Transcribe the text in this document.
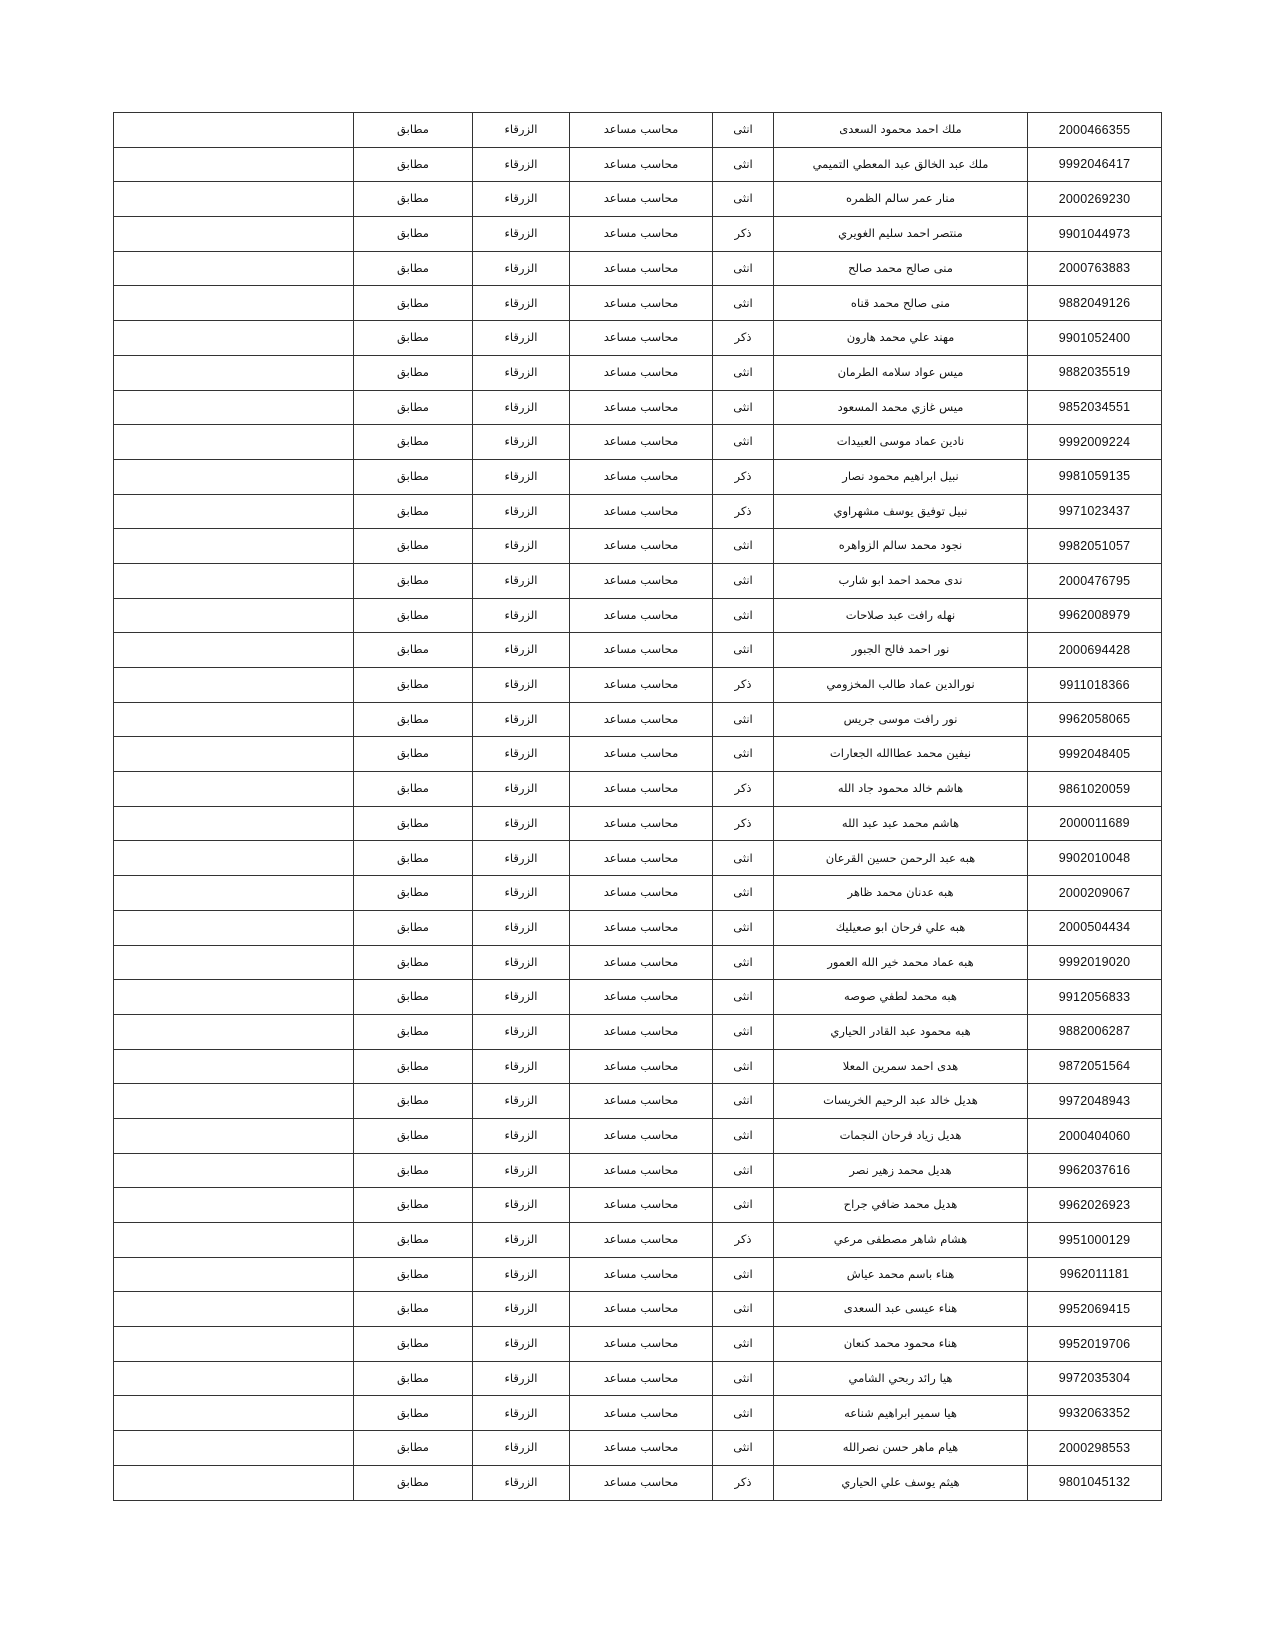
	مطابق	الزرقاء	محاسب مساعد	انثى	ملك احمد محمود السعدى	2000466355
	مطابق	الزرقاء	محاسب مساعد	انثى	ملك عبد الخالق عبد المعطي التميمي	9992046417
	مطابق	الزرقاء	محاسب مساعد	انثى	منار عمر سالم الظمره	2000269230
	مطابق	الزرقاء	محاسب مساعد	ذكر	منتصر احمد سليم الغويري	9901044973
	مطابق	الزرقاء	محاسب مساعد	انثى	منى صالح محمد صالح	2000763883
	مطابق	الزرقاء	محاسب مساعد	انثى	منى صالح محمد قناه	9882049126
	مطابق	الزرقاء	محاسب مساعد	ذكر	مهند علي محمد هارون	9901052400
	مطابق	الزرقاء	محاسب مساعد	انثى	ميس عواد سلامه الطرمان	9882035519
	مطابق	الزرقاء	محاسب مساعد	انثى	ميس غازي محمد المسعود	9852034551
	مطابق	الزرقاء	محاسب مساعد	انثى	نادين عماد موسى العبيدات	9992009224
	مطابق	الزرقاء	محاسب مساعد	ذكر	نبيل ابراهيم محمود نصار	9981059135
	مطابق	الزرقاء	محاسب مساعد	ذكر	نبيل توفيق يوسف مشهراوي	9971023437
	مطابق	الزرقاء	محاسب مساعد	انثى	نجود محمد سالم الزواهره	9982051057
	مطابق	الزرقاء	محاسب مساعد	انثى	ندى محمد احمد ابو شارب	2000476795
	مطابق	الزرقاء	محاسب مساعد	انثى	نهله رافت عبد صلاحات	9962008979
	مطابق	الزرقاء	محاسب مساعد	انثى	نور احمد فالح الجبور	2000694428
	مطابق	الزرقاء	محاسب مساعد	ذكر	نورالدين عماد طالب المخزومي	9911018366
	مطابق	الزرقاء	محاسب مساعد	انثى	نور رافت موسى جريس	9962058065
	مطابق	الزرقاء	محاسب مساعد	انثى	نيفين محمد عطاالله الجعارات	9992048405
	مطابق	الزرقاء	محاسب مساعد	ذكر	هاشم خالد محمود جاد الله	9861020059
	مطابق	الزرقاء	محاسب مساعد	ذكر	هاشم محمد عبد عبد الله	2000011689
	مطابق	الزرقاء	محاسب مساعد	انثى	هبه عبد الرحمن حسين القرعان	9902010048
	مطابق	الزرقاء	محاسب مساعد	انثى	هبه عدنان محمد ظاهر	2000209067
	مطابق	الزرقاء	محاسب مساعد	انثى	هبه علي فرحان ابو صعيليك	2000504434
	مطابق	الزرقاء	محاسب مساعد	انثى	هبه عماد محمد خير الله العمور	9992019020
	مطابق	الزرقاء	محاسب مساعد	انثى	هبه محمد لطفي صوصه	9912056833
	مطابق	الزرقاء	محاسب مساعد	انثى	هبه محمود عبد القادر الحياري	9882006287
	مطابق	الزرقاء	محاسب مساعد	انثى	هدى احمد سمرين المعلا	9872051564
	مطابق	الزرقاء	محاسب مساعد	انثى	هديل خالد عبد الرحيم الخريسات	9972048943
	مطابق	الزرقاء	محاسب مساعد	انثى	هديل زياد فرحان النجمات	2000404060
	مطابق	الزرقاء	محاسب مساعد	انثى	هديل محمد زهير نصر	9962037616
	مطابق	الزرقاء	محاسب مساعد	انثى	هديل محمد ضافي جراح	9962026923
	مطابق	الزرقاء	محاسب مساعد	ذكر	هشام شاهر مصطفى مرعي	9951000129
	مطابق	الزرقاء	محاسب مساعد	انثى	هناء باسم محمد عياش	9962011181
	مطابق	الزرقاء	محاسب مساعد	انثى	هناء عيسى عبد السعدى	9952069415
	مطابق	الزرقاء	محاسب مساعد	انثى	هناء محمود محمد كنعان	9952019706
	مطابق	الزرقاء	محاسب مساعد	انثى	هيا رائد ربحي الشامي	9972035304
	مطابق	الزرقاء	محاسب مساعد	انثى	هيا سمير ابراهيم شناعه	9932063352
	مطابق	الزرقاء	محاسب مساعد	انثى	هيام ماهر حسن نصرالله	2000298553
	مطابق	الزرقاء	محاسب مساعد	ذكر	هيثم يوسف علي الحياري	9801045132
